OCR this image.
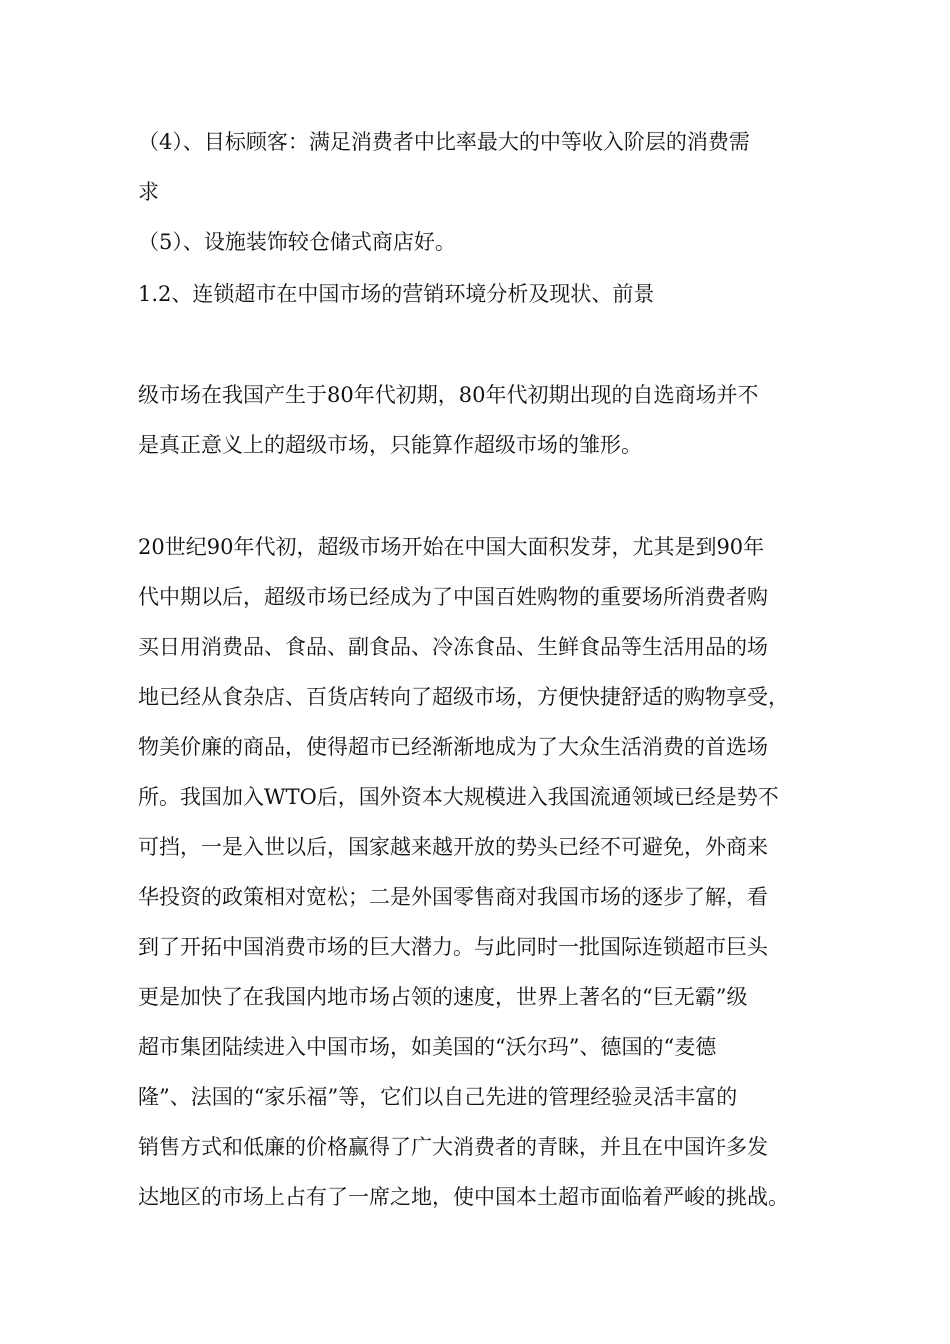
（4）、目标顾客：满足消费者中比率最大的中等收入阶层的消费需
求
（5）、设施装饰较仓储式商店好。
1.2、连锁超市在中国市场的营销环境分析及现状、前景
级市场在我国产生于80年代初期，80年代初期出现的自选商场并不
是真正意义上的超级市场，只能算作超级市场的雏形。
20世纪90年代初，超级市场开始在中国大面积发芽，尤其是到90年
代中期以后，超级市场已经成为了中国百姓购物的重要场所消费者购
买日用消费品、食品、副食品、冷冻食品、生鲜食品等生活用品的场
地已经从食杂店、百货店转向了超级市场，方便快捷舒适的购物享受，
物美价廉的商品，使得超市已经渐渐地成为了大众生活消费的首选场
所。我国加入WTO后，国外资本大规模进入我国流通领域已经是势不
可挡，一是入世以后，国家越来越开放的势头已经不可避免，外商来
华投资的政策相对宽松；二是外国零售商对我国市场的逐步了解，看
到了开拓中国消费市场的巨大潜力。与此同时一批国际连锁超市巨头
更是加快了在我国内地市场占领的速度，世界上著名的“巨无霸”级
超市集团陆续进入中国市场，如美国的“沃尔玛”、德国的“麦德
隆”、法国的“家乐福”等，它们以自己先进的管理经验灵活丰富的
销售方式和低廉的价格赢得了广大消费者的青睐，并且在中国许多发
达地区的市场上占有了一席之地，使中国本土超市面临着严峻的挑战。
